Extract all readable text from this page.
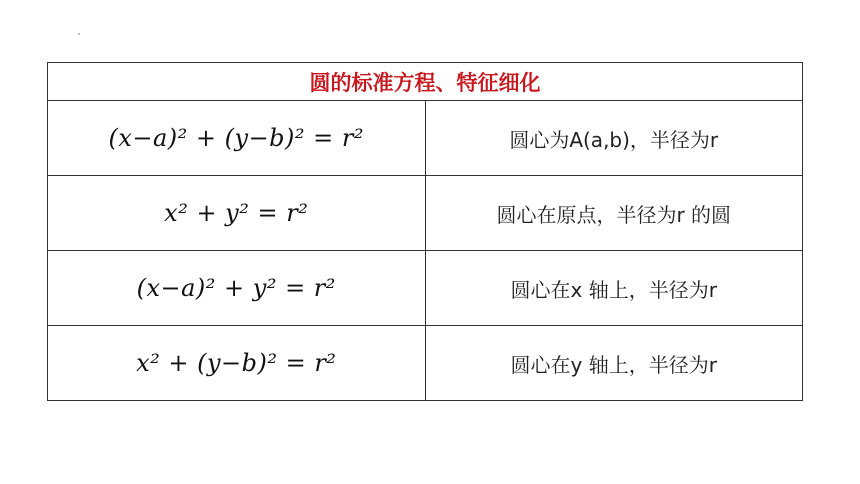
圆的标准方程、特征细化	
(x−a)² + (y−b)² = r²	圆心为A(a,b)，半径为r
x² + y² = r²	圆心在原点，半径为r 的圆
(x−a)² + y² = r²	圆心在x 轴上，半径为r
x² + (y−b)² = r²	圆心在y 轴上，半径为r
